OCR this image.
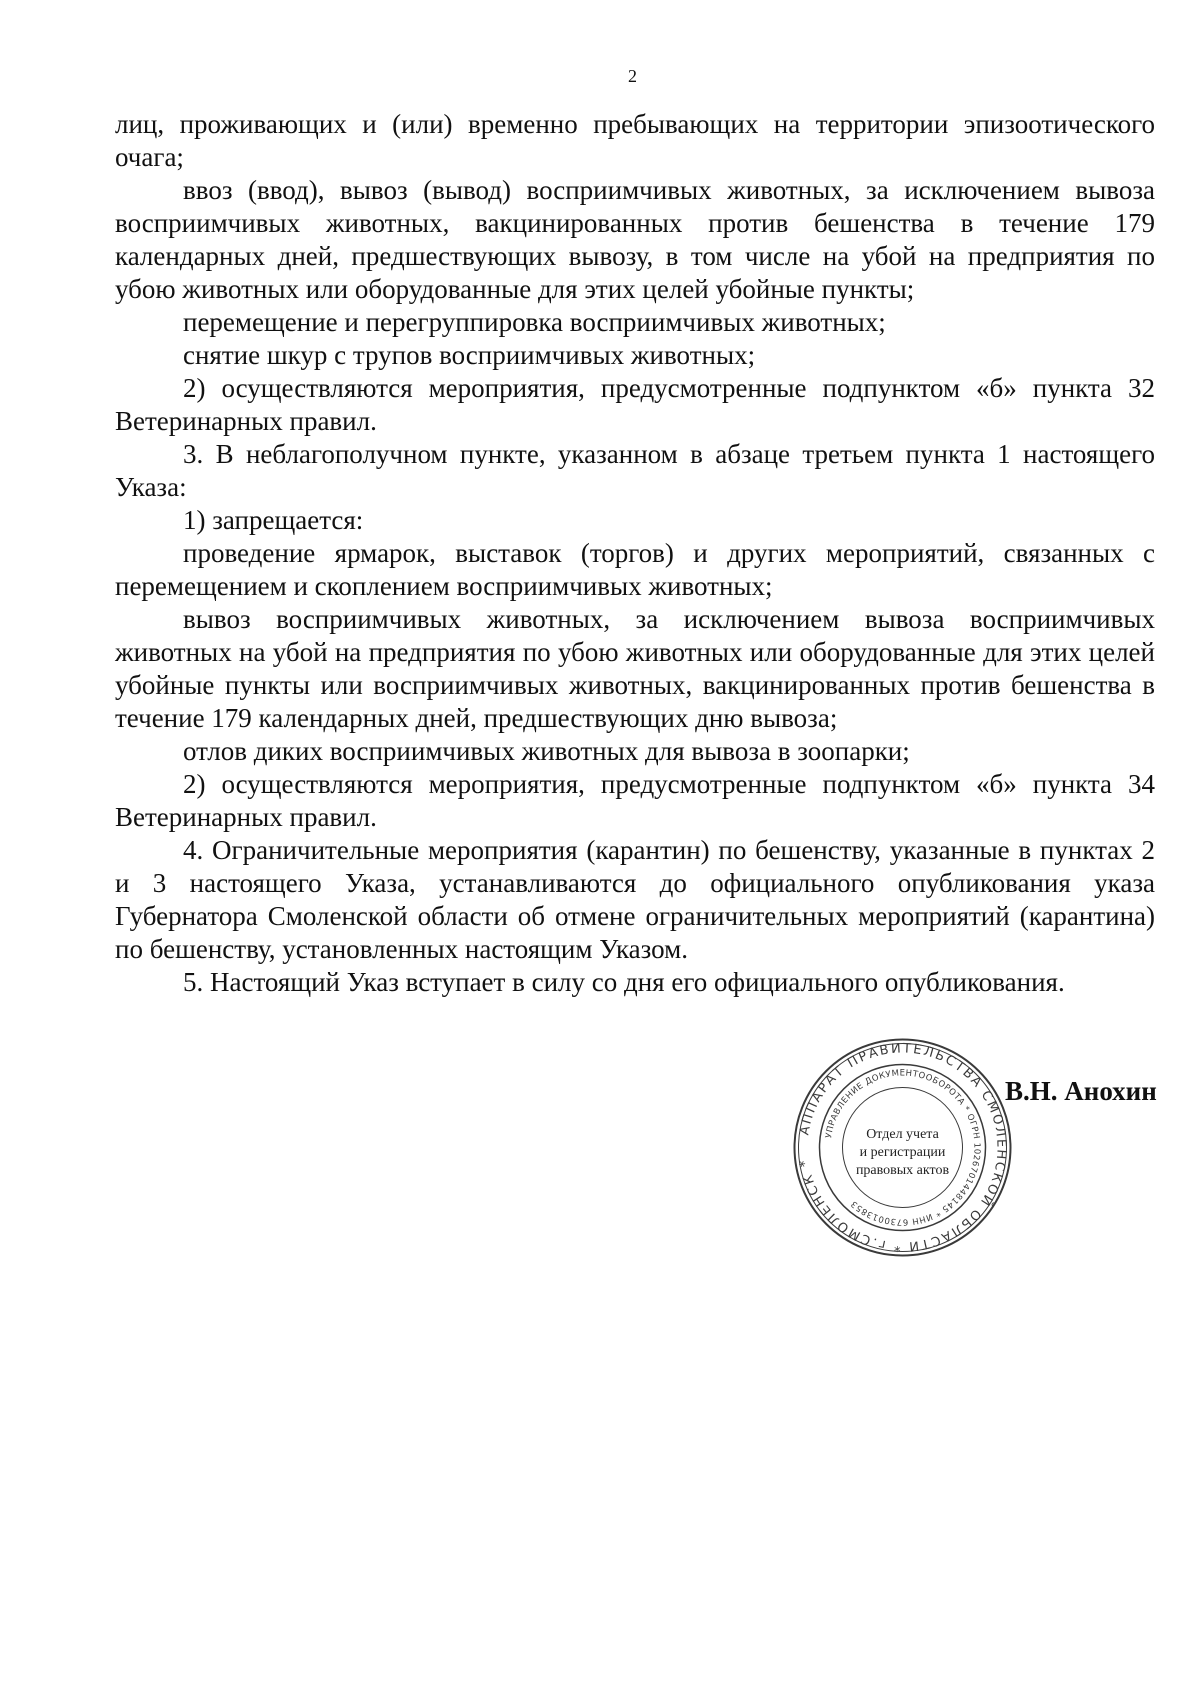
2

лиц, проживающих и (или) временно пребывающих на территории эпизоотического очага;

ввоз (ввод), вывоз (вывод) восприимчивых животных, за исключением вывоза восприимчивых животных, вакцинированных против бешенства в течение 179 календарных дней, предшествующих вывозу, в том числе на убой на предприятия по убою животных или оборудованные для этих целей убойные пункты;

перемещение и перегруппировка восприимчивых животных;

снятие шкур с трупов восприимчивых животных;

2) осуществляются мероприятия, предусмотренные подпунктом «б» пункта 32 Ветеринарных правил.

3. В неблагополучном пункте, указанном в абзаце третьем пункта 1 настоящего Указа:

1) запрещается:

проведение ярмарок, выставок (торгов) и других мероприятий, связанных с перемещением и скоплением восприимчивых животных;

вывоз восприимчивых животных, за исключением вывоза восприимчивых животных на убой на предприятия по убою животных или оборудованные для этих целей убойные пункты или восприимчивых животных, вакцинированных против бешенства в течение 179 календарных дней, предшествующих дню вывоза;

отлов диких восприимчивых животных для вывоза в зоопарки;

2) осуществляются мероприятия, предусмотренные подпунктом «б» пункта 34 Ветеринарных правил.

4. Ограничительные мероприятия (карантин) по бешенству, указанные в пунктах 2 и 3 настоящего Указа, устанавливаются до официального опубликования указа Губернатора Смоленской области об отмене ограничительных мероприятий (карантина) по бешенству, установленных настоящим Указом.

5. Настоящий Указ вступает в силу со дня его официального опубликования.

АППАРАТ ПРАВИТЕЛЬСТВА СМОЛЕНСКОЙ ОБЛАСТИ * г.СМОЛЕНСК *
УПРАВЛЕНИЕ ДОКУМЕНТООБОРОТА * ОГРН 1026701448145 * ИНН 6730013853
Отдел учета
и регистрации
правовых актов
В.Н. Анохин
